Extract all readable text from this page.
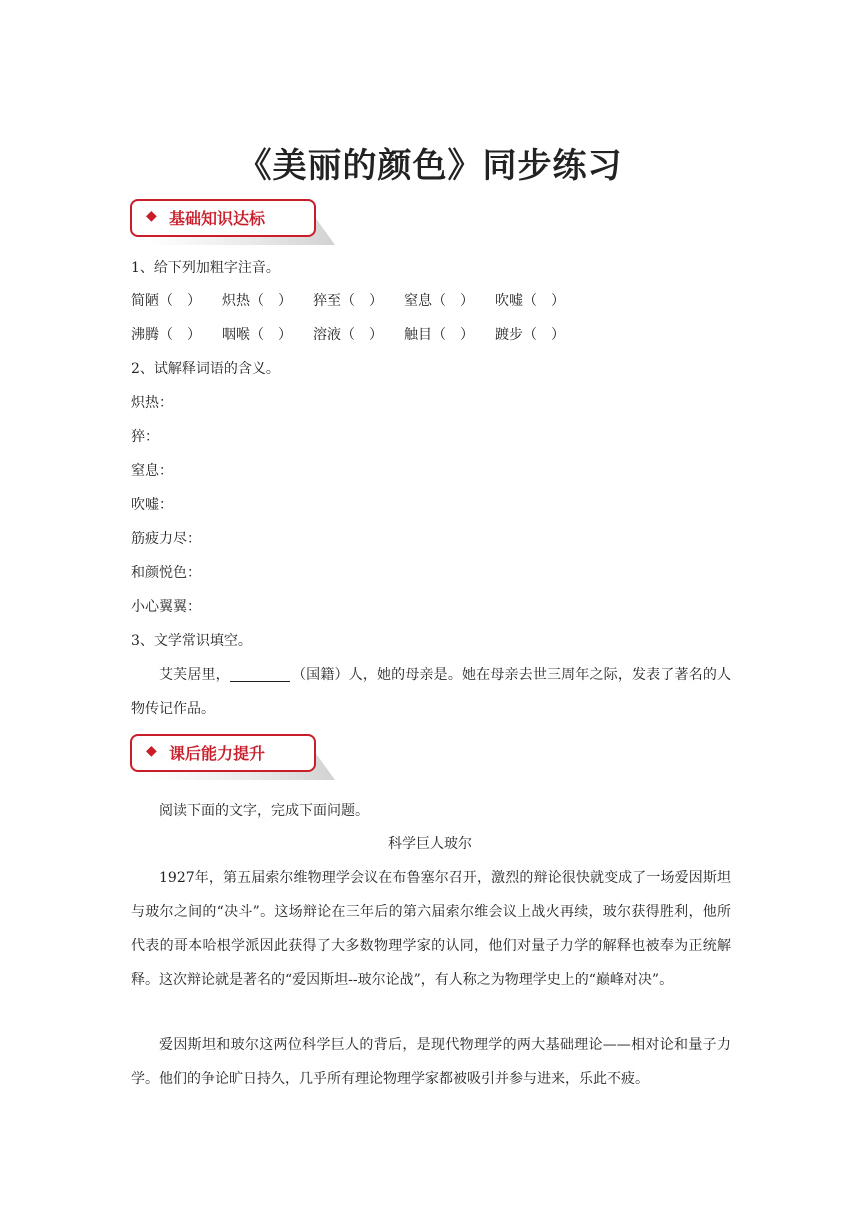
《美丽的颜色》同步练习
◆ 基础知识达标
1、给下列加粗字注音。
简陋（　） 炽热（　） 猝至（　） 窒息（　） 吹嘘（　）
沸腾（　） 咽喉（　） 溶液（　） 触目（　） 踱步（　）
2、试解释词语的含义。
炽热：
猝：
窒息：
吹嘘：
筋疲力尽：
和颜悦色：
小心翼翼：
3、文学常识填空。

艾芙居里，	（国籍）人，她的母亲是。她在母亲去世三周年之际，发表了著名的人物传记作品。

◆ 课后能力提升

阅读下面的文字，完成下面问题。

科学巨人玻尔

1927年，第五届索尔维物理学会议在布鲁塞尔召开，激烈的辩论很快就变成了一场爱因斯坦与玻尔之间的“决斗”。这场辩论在三年后的第六届索尔维会议上战火再续，玻尔获得胜利，他所代表的哥本哈根学派因此获得了大多数物理学家的认同，他们对量子力学的解释也被奉为正统解释。这次辩论就是著名的“爱因斯坦--玻尔论战”，有人称之为物理学史上的“巅峰对决”。

爱因斯坦和玻尔这两位科学巨人的背后，是现代物理学的两大基础理论——相对论和量子力学。他们的争论旷日持久，几乎所有理论物理学家都被吸引并参与进来，乐此不疲。
